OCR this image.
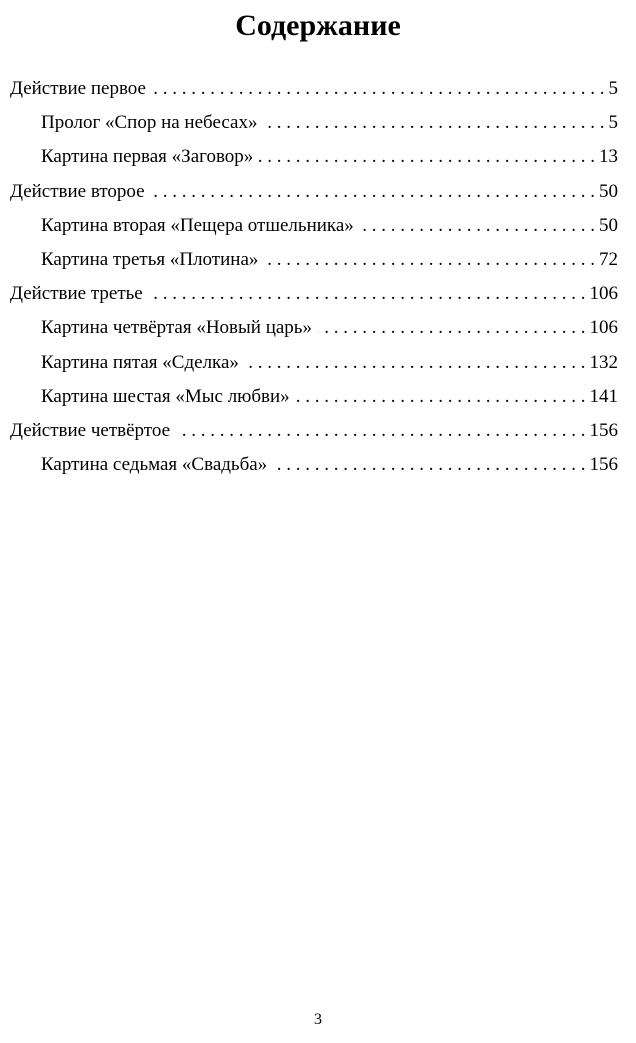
Содержание
Действие первое . . .	5
Пролог «Спор на небесах» . . .	5
Картина первая «Заговор» . . .	13
Действие второе . . .	50
Картина вторая «Пещера отшельника» . . .	50
Картина третья «Плотина» . . .	72
Действие третье . . .	106
Картина четвёртая «Новый царь» . . .	106
Картина пятая «Сделка» . . .	132
Картина шестая «Мыс любви» . . .	141
Действие четвёртое . . .	156
Картина седьмая «Свадьба» . . .	156
3
